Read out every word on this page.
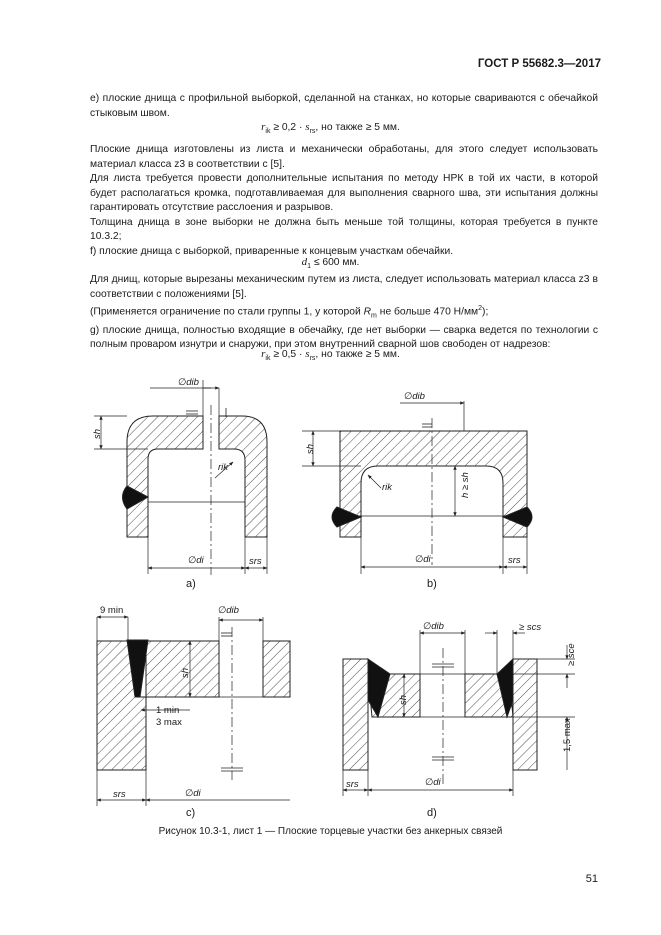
ГОСТ Р 55682.3—2017

е) плоские днища с профильной выборкой, сделанной на станках, но которые свариваются с обечайкой стыковым швом.

$r_{ik} \ge 0,2 \cdot s_{rs}$, но также ≥ 5 мм.

Плоские днища изготовлены из листа и механически обработаны, для этого следует использовать материал класса z3 в соответствии с [5].

Для листа требуется провести дополнительные испытания по методу НРК в той их части, в которой будет располагаться кромка, подготавливаемая для выполнения сварного шва, эти испытания должны гарантировать отсутствие расслоения и разрывов.

Толщина днища в зоне выборки не должна быть меньше той толщины, которая требуется в пункте 10.3.2;

f) плоские днища с выборкой, приваренные к концевым участкам обечайки.

$d_1 \le 600$ мм.

Для днищ, которые вырезаны механическим путем из листа, следует использовать материал класса z3 в соответствии с положениями [5].

(Применяется ограничение по стали группы 1, у которой $R_m$ не больше 470 $Н/мм^2$);

g) плоские днища, полностью входящие в обечайку, где нет выборки — сварка ведется по технологии с полным проваром изнутри и снаружи, при этом внутренний сварной шов свободен от надрезов:

$r_{ik} \ge 0,5 \cdot s_{rs}$, но также ≥ 5 мм.
∅dib
sh
rik
∅di	srs
a)
∅dib
sh
rik	h ≥ sh
∅di	srs
b)
9 min	∅dib
sh
1 min
3 max
∅di
srs
c)
∅dib	≥ scs
≥ sce
sh
1,5 max
∅di
srs
d)
Рисунок 10.3-1, лист 1 — Плоские торцевые участки без анкерных связей
51
